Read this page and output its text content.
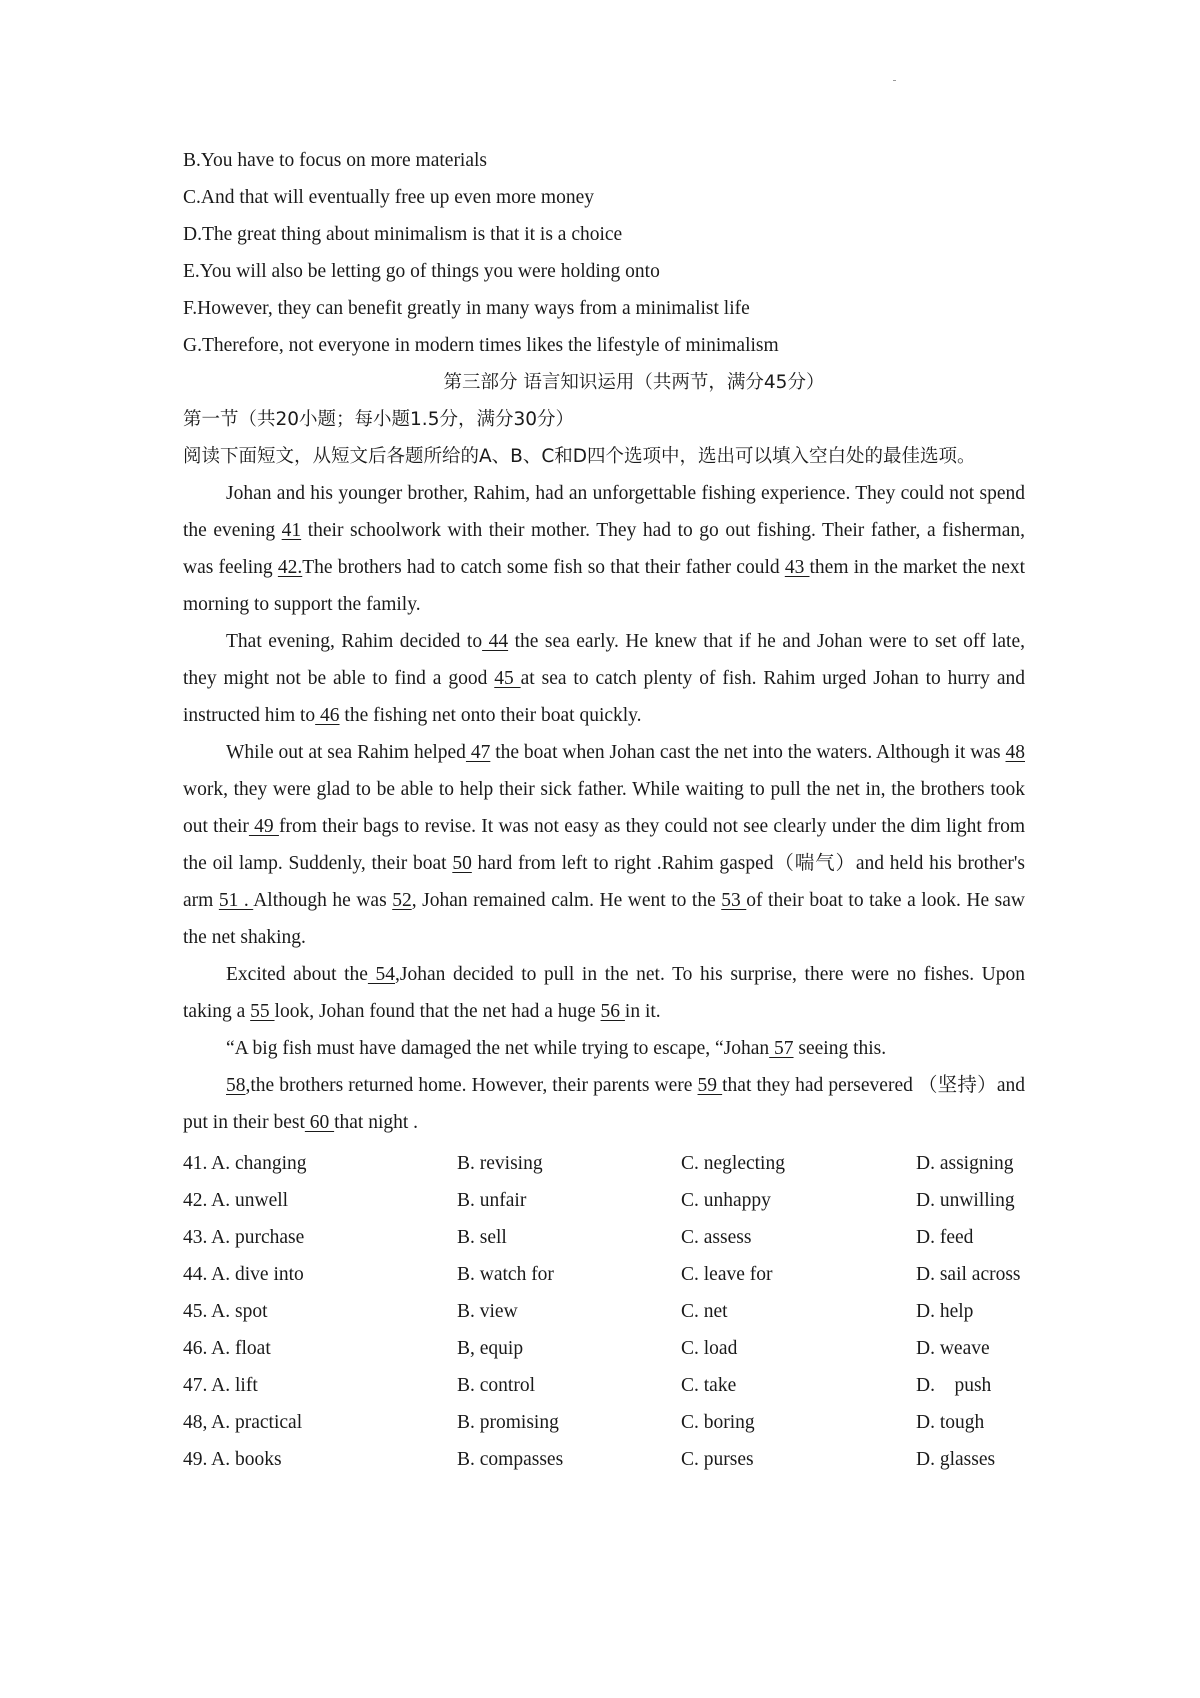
B.You have to focus on more materials
C.And that will eventually free up even more money
D.The great thing about minimalism is that it is a choice
E.You will also be letting go of things you were holding onto
F.However, they can benefit greatly in many ways from a minimalist life
G.Therefore, not everyone in modern times likes the lifestyle of minimalism
第三部分 语言知识运用（共两节，满分45分）
第一节（共20小题；每小题1.5分，满分30分）

阅读下面短文，从短文后各题所给的A、B、C和D四个选项中，选出可以填入空白处的最佳选项。

Johan and his younger brother, Rahim, had an unforgettable fishing experience. They could not spend the evening 41 their schoolwork with their mother. They had to go out fishing. Their father, a fisherman, was feeling 42.The brothers had to catch some fish so that their father could 43 them in the market the next morning to support the family.

That evening, Rahim decided to 44 the sea early. He knew that if he and Johan were to set off late, they might not be able to find a good 45 at sea to catch plenty of fish. Rahim urged Johan to hurry and instructed him to 46 the fishing net onto their boat quickly.

While out at sea Rahim helped 47 the boat when Johan cast the net into the waters. Although it was 48 work, they were glad to be able to help their sick father. While waiting to pull the net in, the brothers took out their 49 from their bags to revise. It was not easy as they could not see clearly under the dim light from the oil lamp. Suddenly, their boat 50 hard from left to right .Rahim gasped（喘气）and held his brother's arm 51 . Although he was 52, Johan remained calm. He went to the 53 of their boat to take a look. He saw the net shaking.

Excited about the 54,Johan decided to pull in the net. To his surprise, there were no fishes. Upon taking a 55 look, Johan found that the net had a huge 56 in it.

“A big fish must have damaged the net while trying to escape, “Johan 57 seeing this.

58,the brothers returned home. However, their parents were 59 that they had persevered （坚持）and put in their best 60 that night .

41. A. changing	B. revising	C. neglecting	D. assigning
42. A. unwell	B. unfair	C. unhappy	D. unwilling
43. A. purchase	B. sell	C. assess	D. feed
44. A. dive into	B. watch for	C. leave for	D. sail across
45. A. spot	B. view	C. net	D. help
46. A. float	B, equip	C. load	D. weave
47. A. lift	B. control	C. take	D.    push
48, A. practical	B. promising	C. boring	D. tough
49. A. books	B. compasses	C. purses	D. glasses
